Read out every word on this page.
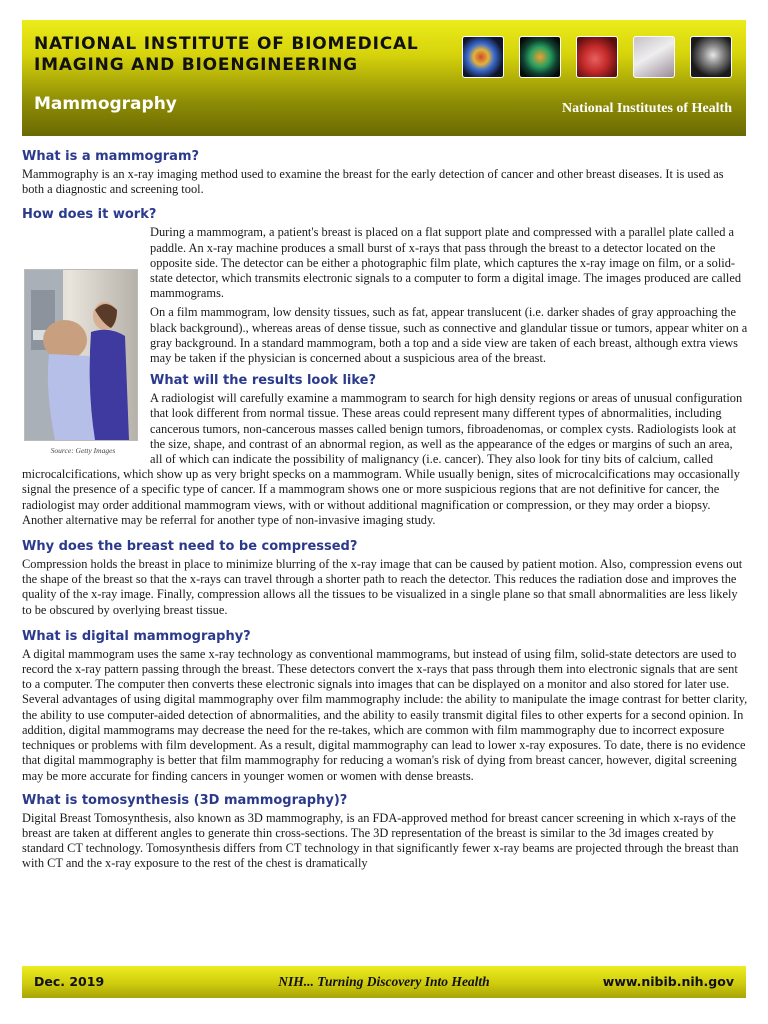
NATIONAL INSTITUTE OF BIOMEDICAL
IMAGING AND BIOENGINEERING
Mammography	National Institutes of Health
What is a mammogram?

Mammography is an x-ray imaging method used to examine the breast for the early detection of cancer and other breast diseases. It is used as both a diagnostic and screening tool.

How does it work?
Source: Getty Images

During a mammogram, a patient's breast is placed on a flat support plate and compressed with a parallel plate called a paddle. An x-ray machine produces a small burst of x-rays that pass through the breast to a detector located on the opposite side. The detector can be either a photographic film plate, which captures the x-ray image on film, or a solid-state detector, which transmits electronic signals to a computer to form a digital image. The images produced are called mammograms.

On a film mammogram, low density tissues, such as fat, appear translucent (i.e. darker shades of gray approaching the black background)., whereas areas of dense tissue, such as connective and glandular tissue or tumors, appear whiter on a gray background. In a standard mammogram, both a top and a side view are taken of each breast, although extra views may be taken if the physician is concerned about a suspicious area of the breast.

What will the results look like?

A radiologist will carefully examine a mammogram to search for high density regions or areas of unusual configuration that look different from normal tissue. These areas could represent many different types of abnormalities, including cancerous tumors, non-cancerous masses called benign tumors, fibroadenomas, or complex cysts. Radiologists look at the size, shape, and contrast of an abnormal region, as well as the appearance of the edges or margins of such an area, all of which can indicate the possibility of malignancy (i.e. cancer). They also look for tiny bits of calcium, called microcalcifications, which show up as very bright specks on a mammogram. While usually benign, sites of microcalcifications may occasionally signal the presence of a specific type of cancer. If a mammogram shows one or more suspicious regions that are not definitive for cancer, the radiologist may order additional mammogram views, with or without additional magnification or compression, or they may order a biopsy. Another alternative may be referral for another type of non-invasive imaging study.

Why does the breast need to be compressed?

Compression holds the breast in place to minimize blurring of the x-ray image that can be caused by patient motion. Also, compression evens out the shape of the breast so that the x-rays can travel through a shorter path to reach the detector. This reduces the radiation dose and improves the quality of the x-ray image. Finally, compression allows all the tissues to be visualized in a single plane so that small abnormalities are less likely to be obscured by overlying breast tissue.

What is digital mammography?

A digital mammogram uses the same x-ray technology as conventional mammograms, but instead of using film, solid-state detectors are used to record the x-ray pattern passing through the breast. These detectors convert the x-rays that pass through them into electronic signals that are sent to a computer. The computer then converts these electronic signals into images that can be displayed on a monitor and also stored for later use. Several advantages of using digital mammography over film mammography include: the ability to manipulate the image contrast for better clarity, the ability to use computer-aided detection of abnormalities, and the ability to easily transmit digital files to other experts for a second opinion. In addition, digital mammograms may decrease the need for the re-takes, which are common with film mammography due to incorrect exposure techniques or problems with film development. As a result, digital mammography can lead to lower x-ray exposures. To date, there is no evidence that digital mammography is better that film mammography for reducing a woman's risk of dying from breast cancer, however, digital screening may be more accurate for finding cancers in younger women or women with dense breasts.

What is tomosynthesis (3D mammography)?

Digital Breast Tomosynthesis, also known as 3D mammography, is an FDA-approved method for breast cancer screening in which x-rays of the breast are taken at different angles to generate thin cross-sections. The 3D representation of the breast is similar to the 3d images created by standard CT technology. Tomosynthesis differs from CT technology in that significantly fewer x-ray beams are projected through the breast than with CT and the x-ray exposure to the rest of the chest is dramatically

Dec. 2019	NIH... Turning Discovery Into Health	www.nibib.nih.gov
